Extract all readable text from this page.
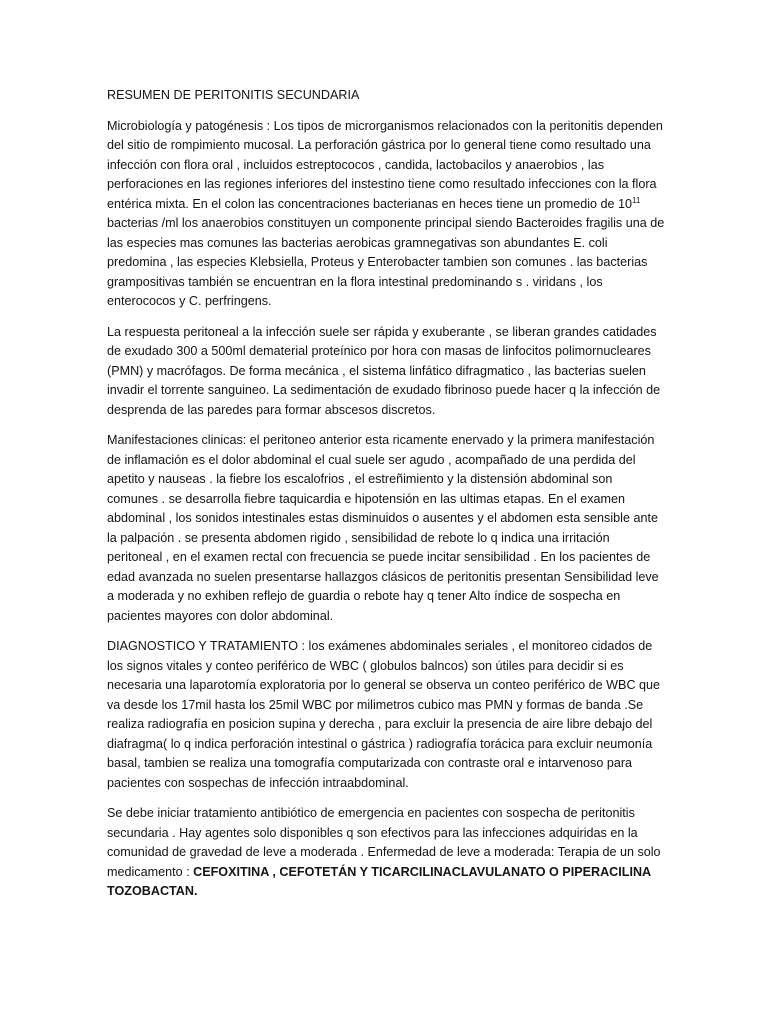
RESUMEN DE PERITONITIS SECUNDARIA
Microbiología y patogénesis : Los tipos de microrganismos relacionados con la peritonitis dependen del sitio de rompimiento mucosal. La perforación gástrica por lo general tiene como resultado una infección con flora oral , incluidos estreptococos , candida, lactobacilos y anaerobios , las perforaciones en las regiones inferiores del instestino tiene como resultado infecciones con la flora entérica mixta. En el colon las concentraciones bacterianas en heces tiene un promedio de $10^{11}$ bacterias /ml los anaerobios constituyen un componente principal siendo Bacteroides fragilis una de las especies mas comunes las bacterias aerobicas gramnegativas son abundantes E. coli predomina , las especies Klebsiella, Proteus y Enterobacter tambien son comunes . las bacterias grampositivas también se encuentran en la flora intestinal predominando s . viridans , los enterococos y C. perfringens.
La respuesta peritoneal a la infección suele ser rápida y exuberante , se liberan grandes catidades de exudado 300 a 500ml dematerial proteínico por hora con masas de linfocitos polimornucleares (PMN) y macrófagos. De forma mecánica , el sistema linfático difragmatico , las bacterias suelen invadir el torrente sanguineo. La sedimentación de exudado fibrinoso puede hacer q la infección de desprenda de las paredes para formar abscesos discretos.
Manifestaciones clinicas: el peritoneo anterior esta ricamente enervado y la primera manifestación de inflamación es el dolor abdominal el cual suele ser agudo , acompañado de una perdida del apetito y nauseas . la fiebre los escalofrios , el estreñimiento y la distensión abdominal son comunes . se desarrolla fiebre taquicardia e hipotensión en las ultimas etapas. En el examen abdominal , los sonidos intestinales estas disminuidos o ausentes y el abdomen esta sensible ante la palpación . se presenta abdomen rigido , sensibilidad de rebote lo q indica una irritación peritoneal , en el examen rectal con frecuencia se puede incitar sensibilidad . En los pacientes de edad avanzada no suelen presentarse hallazgos clásicos de peritonitis presentan Sensibilidad leve a moderada y no exhiben reflejo de guardia o rebote hay q tener Alto índice de sospecha en pacientes mayores con dolor abdominal.
DIAGNOSTICO Y TRATAMIENTO : los exámenes abdominales seriales , el monitoreo cidados de los signos vitales y conteo periférico de WBC ( globulos balncos) son útiles para decidir si es necesaria una laparotomía exploratoria por lo general se observa un conteo periférico de WBC que va desde los 17mil hasta los 25mil WBC por milimetros cubico mas PMN y formas de banda .Se realiza radiografía en posicion supina y derecha , para excluir la presencia de aire libre debajo del diafragma( lo q indica perforación intestinal o gástrica ) radiografía torácica para excluir neumonía basal, tambien se realiza una tomografía computarizada con contraste oral e intarvenoso para pacientes con sospechas de infección intraabdominal.
Se debe iniciar tratamiento antibiótico de emergencia en pacientes con sospecha de peritonitis secundaria . Hay agentes solo disponibles q son efectivos para las infecciones adquiridas en la comunidad de gravedad de leve a moderada . Enfermedad de leve a moderada: Terapia de un solo medicamento : CEFOXITINA , CEFOTETÁN Y TICARCILINACLAVULANATO O PIPERACILINA TOZOBACTAN.
